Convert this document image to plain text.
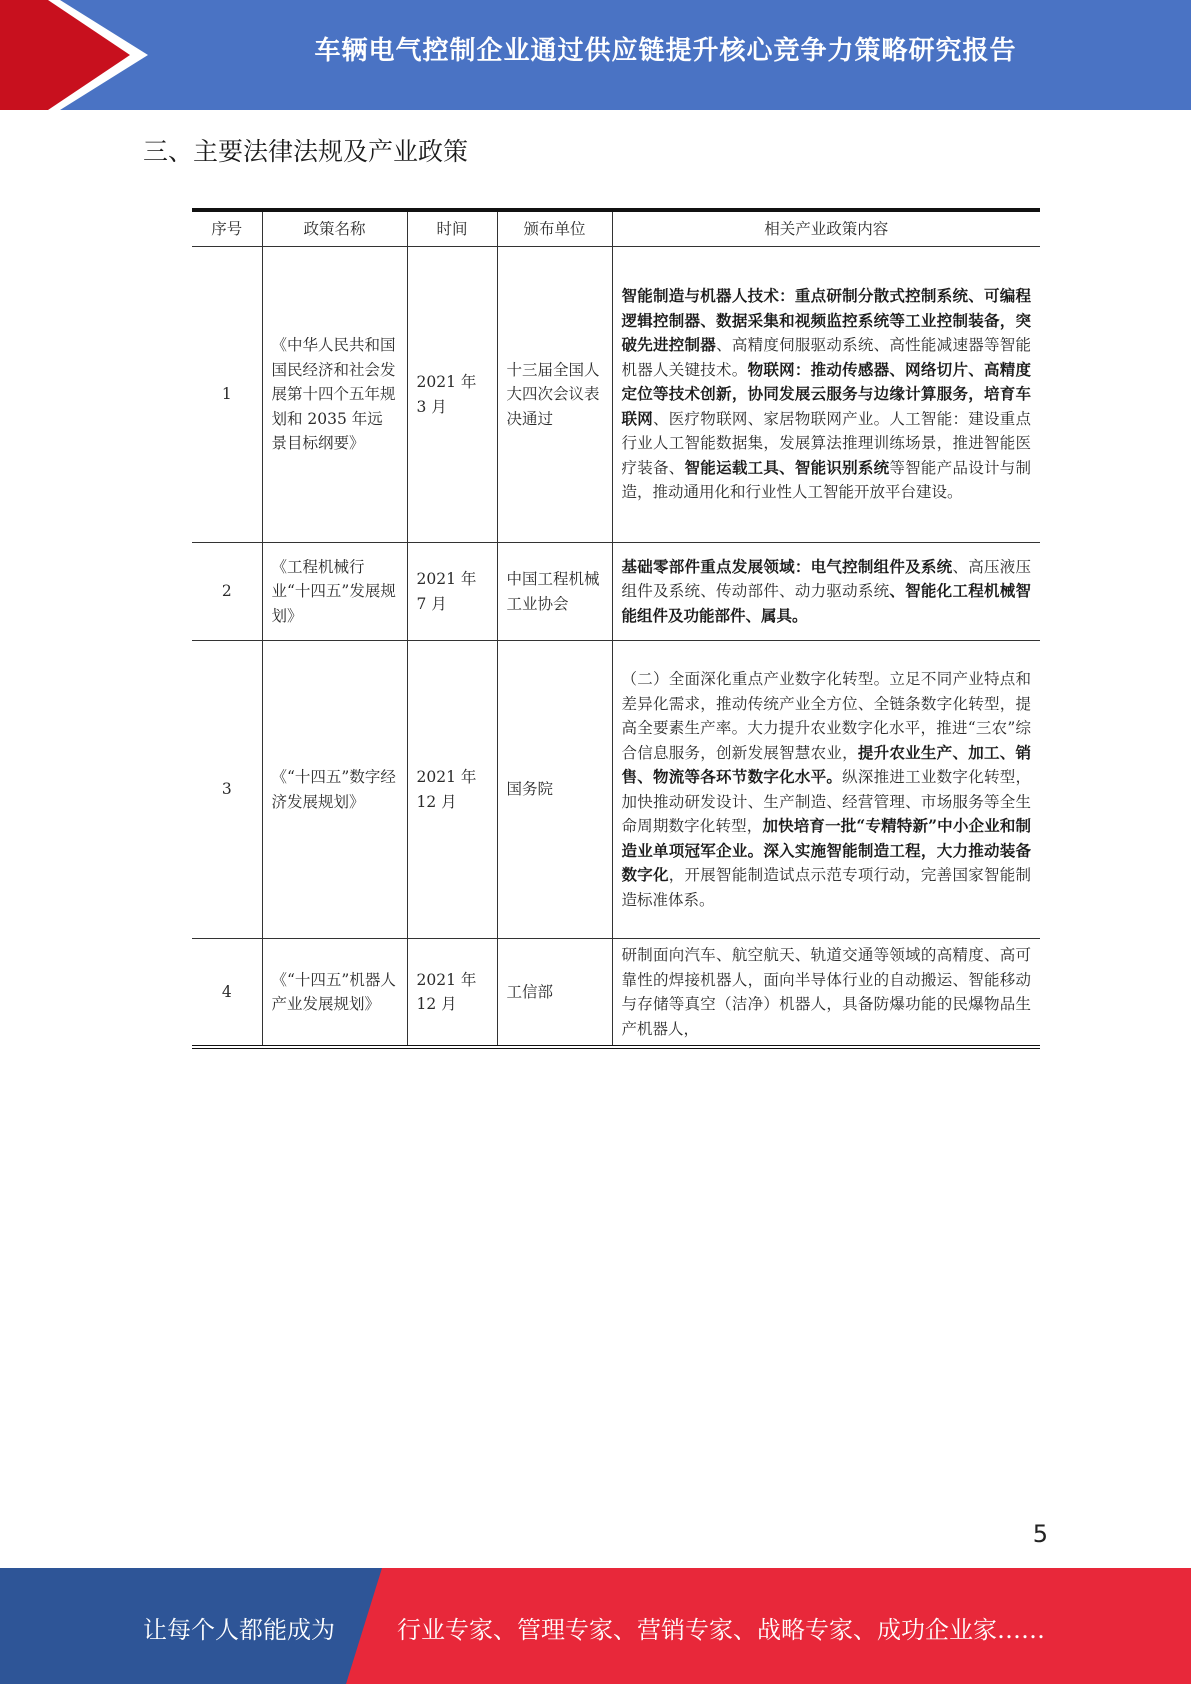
车辆电气控制企业通过供应链提升核心竞争力策略研究报告
三、主要法律法规及产业政策
序号	政策名称	时间	颁布单位	相关产业政策内容
1	《中华人民共和国国民经济和社会发展第十四个五年规划和 2035 年远景目标纲要》	2021 年 3 月	十三届全国人大四次会议表决通过	智能制造与机器人技术：重点研制分散式控制系统、可编程逻辑控制器、数据采集和视频监控系统等工业控制装备，突破先进控制器、高精度伺服驱动系统、高性能减速器等智能机器人关键技术。物联网：推动传感器、网络切片、高精度定位等技术创新，协同发展云服务与边缘计算服务，培育车联网、医疗物联网、家居物联网产业。人工智能：建设重点行业人工智能数据集，发展算法推理训练场景，推进智能医疗装备、智能运载工具、智能识别系统等智能产品设计与制造，推动通用化和行业性人工智能开放平台建设。
2	《工程机械行业“十四五”发展规划》	2021 年 7 月	中国工程机械工业协会	基础零部件重点发展领域：电气控制组件及系统、高压液压组件及系统、传动部件、动力驱动系统、智能化工程机械智能组件及功能部件、属具。
3	《“十四五”数字经济发展规划》	2021 年 12 月	国务院	（二）全面深化重点产业数字化转型。立足不同产业特点和差异化需求，推动传统产业全方位、全链条数字化转型，提高全要素生产率。大力提升农业数字化水平，推进“三农”综合信息服务，创新发展智慧农业，提升农业生产、加工、销售、物流等各环节数字化水平。纵深推进工业数字化转型，加快推动研发设计、生产制造、经营管理、市场服务等全生命周期数字化转型，加快培育一批“专精特新”中小企业和制造业单项冠军企业。深入实施智能制造工程，大力推动装备数字化，开展智能制造试点示范专项行动，完善国家智能制造标准体系。
4	《“十四五”机器人产业发展规划》	2021 年 12 月	工信部	研制面向汽车、航空航天、轨道交通等领域的高精度、高可靠性的焊接机器人，面向半导体行业的自动搬运、智能移动与存储等真空（洁净）机器人，具备防爆功能的民爆物品生产机器人，
5
让每个人都能成为	行业专家、管理专家、营销专家、战略专家、成功企业家……
